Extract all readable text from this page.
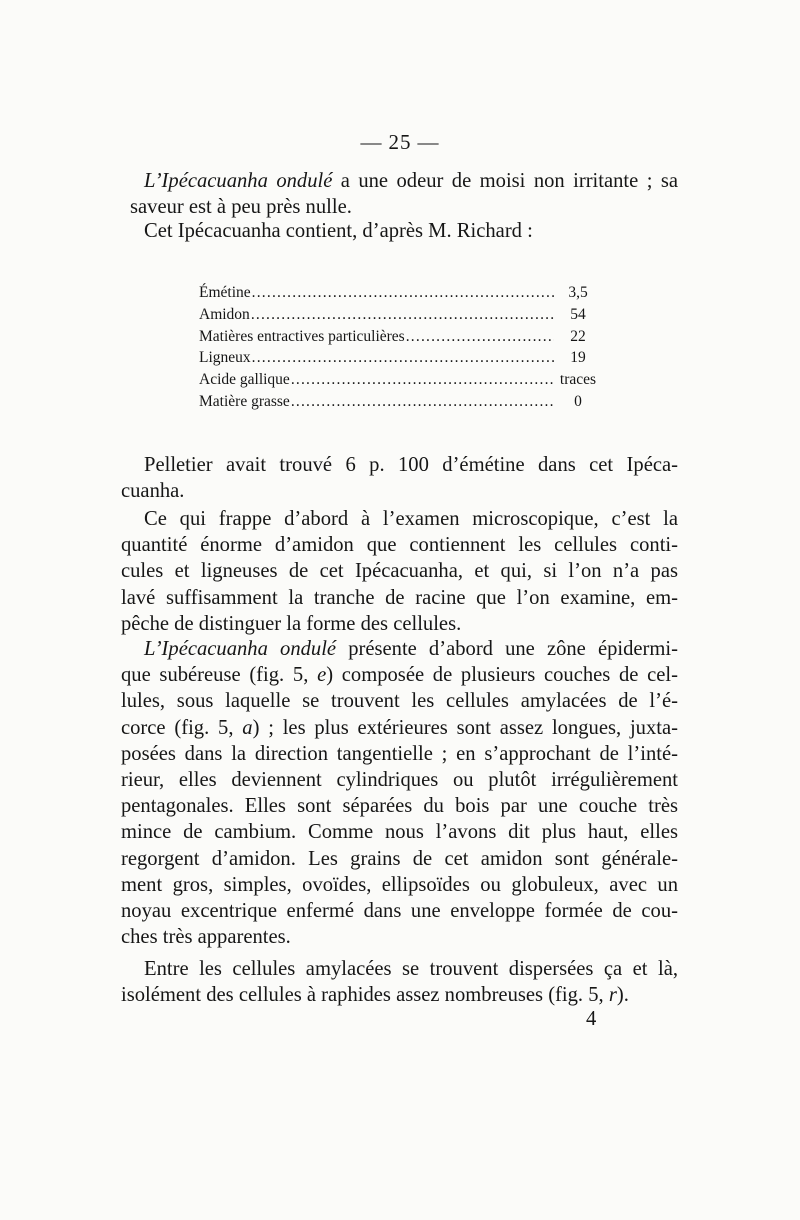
— 25 —
L’Ipécacuanha ondulé a une odeur de moisi non irritante ; sa
saveur est à peu près nulle.
Cet Ipécacuanha contient, d’après M. Richard :
Émétine .....	3,5
Amidon .....	54
Matières entractives particulières .....	22
Ligneux .....	19
Acide gallique .....	traces
Matière grasse .....	0
Pelletier avait trouvé 6 p. 100 d’émétine dans cet Ipéca-
cuanha.
Ce qui frappe d’abord à l’examen microscopique, c’est la
quantité énorme d’amidon que contiennent les cellules conti-
cules et ligneuses de cet Ipécacuanha, et qui, si l’on n’a pas
lavé suffisamment la tranche de racine que l’on examine, em-
pêche de distinguer la forme des cellules.
L’Ipécacuanha ondulé présente d’abord une zône épidermi-
que subéreuse (fig. 5, e) composée de plusieurs couches de cel-
lules, sous laquelle se trouvent les cellules amylacées de l’é-
corce (fig. 5, a) ; les plus extérieures sont assez longues, juxta-
posées dans la direction tangentielle ; en s’approchant de l’inté-
rieur, elles deviennent cylindriques ou plutôt irrégulièrement
pentagonales. Elles sont séparées du bois par une couche très
mince de cambium. Comme nous l’avons dit plus haut, elles
regorgent d’amidon. Les grains de cet amidon sont générale-
ment gros, simples, ovoïdes, ellipsoïdes ou globuleux, avec un
noyau excentrique enfermé dans une enveloppe formée de cou-
ches très apparentes.
Entre les cellules amylacées se trouvent dispersées ça et là,
isolément des cellules à raphides assez nombreuses (fig. 5, r).
4
